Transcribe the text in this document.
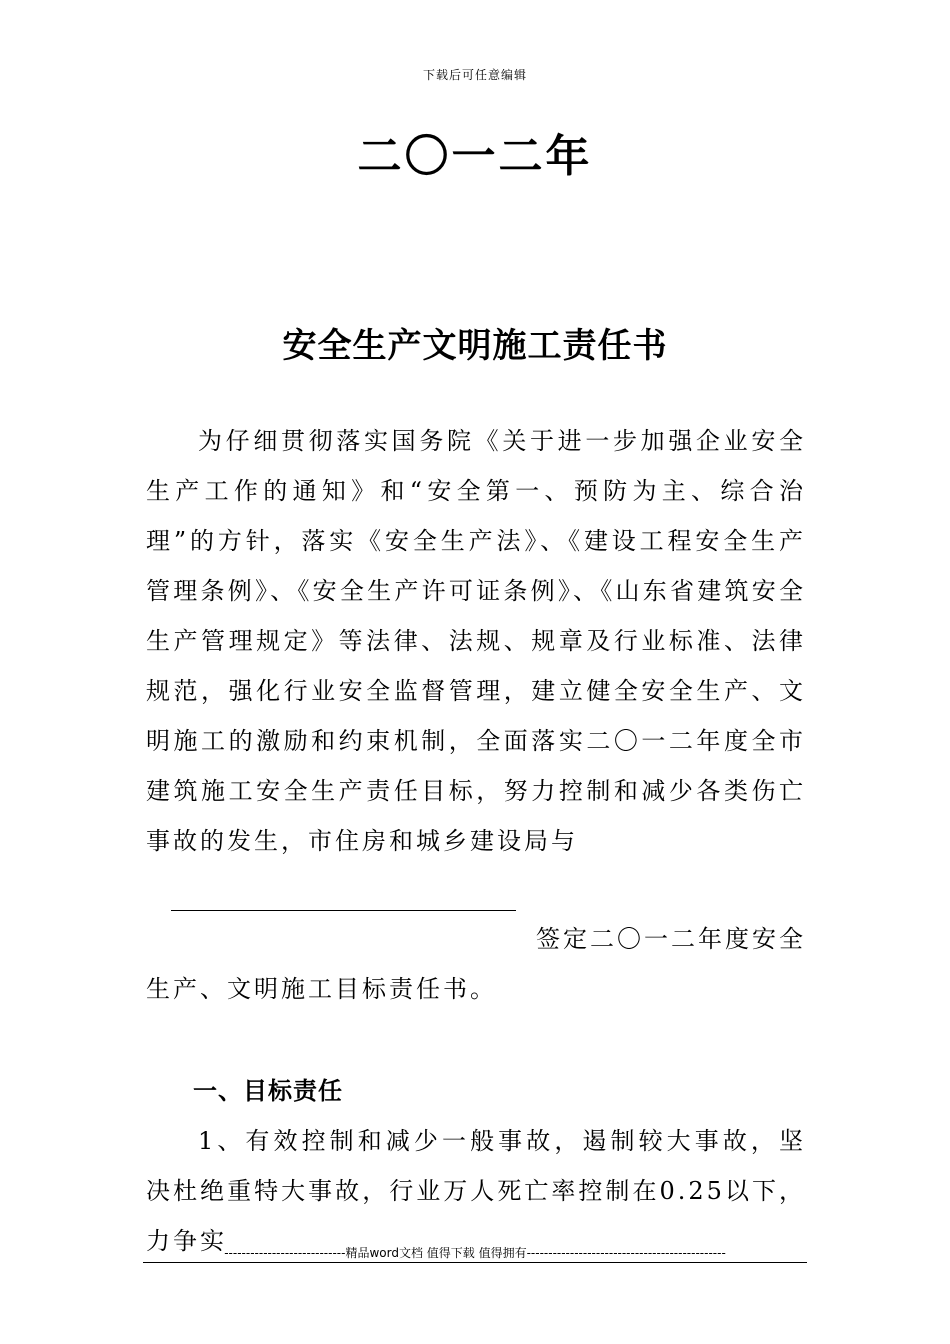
下载后可任意编辑
二〇一二年
安全生产文明施工责任书
为仔细贯彻落实国务院《关于进一步加强企业安全生产工作的通知》和“安全第一、预防为主、综合治理”的方针，落实《安全生产法》、《建设工程安全生产管理条例》、《安全生产许可证条例》、《山东省建筑安全生产管理规定》等法律、法规、规章及行业标准、法律规范，强化行业安全监督管理，建立健全安全生产、文明施工的激励和约束机制，全面落实二〇一二年度全市建筑施工安全生产责任目标，努力控制和减少各类伤亡事故的发生，市住房和城乡建设局与
签定二〇一二年度安全
生产、文明施工目标责任书。
一、目标责任
1、有效控制和减少一般事故，遏制较大事故，坚决杜绝重特大事故，行业万人死亡率控制在0.25以下，力争实
----------------------------精品word文档 值得下载 值得拥有----------------------------------------------
